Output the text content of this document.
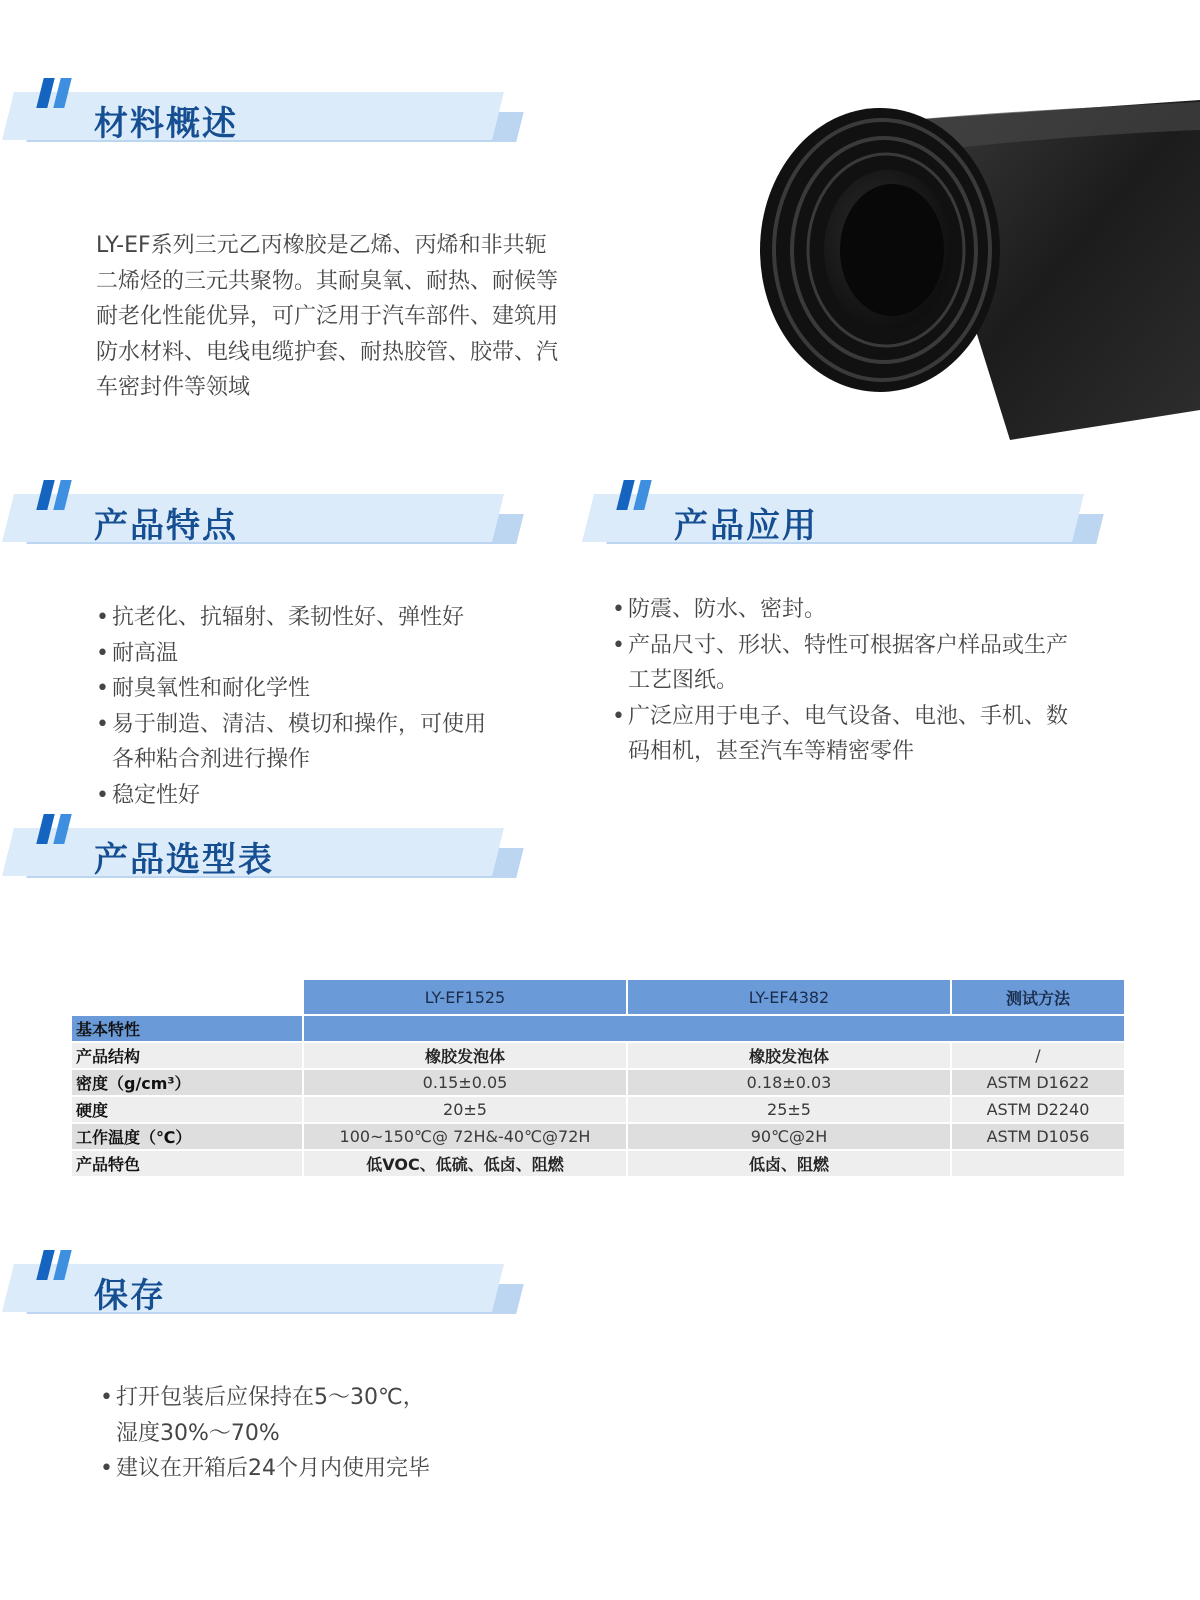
材料概述
LY-EF系列三元乙丙橡胶是乙烯、丙烯和非共轭
二烯烃的三元共聚物。其耐臭氧、耐热、耐候等
耐老化性能优异，可广泛用于汽车部件、建筑用
防水材料、电线电缆护套、耐热胶管、胶带、汽
车密封件等领域
产品特点
• 抗老化、抗辐射、柔韧性好、弹性好
• 耐高温
• 耐臭氧性和耐化学性
• 易于制造、清洁、模切和操作，可使用
各种粘合剂进行操作
• 稳定性好
产品应用
• 防震、防水、密封。
• 产品尺寸、形状、特性可根据客户样品或生产
工艺图纸。
• 广泛应用于电子、电气设备、电池、手机、数
码相机，甚至汽车等精密零件
产品选型表
	LY-EF1525	LY-EF4382	测试方法
基本特性			
产品结构	橡胶发泡体	橡胶发泡体	/
密度（g/cm³）	0.15±0.05	0.18±0.03	ASTM D1622
硬度	20±5	25±5	ASTM D2240
工作温度（℃）	100~150℃@ 72H&-40℃@72H	90℃@2H	ASTM D1056
产品特色	低VOC、低硫、低卤、阻燃	低卤、阻燃	
保存
• 打开包装后应保持在5～30℃，
湿度30%～70%
• 建议在开箱后24个月内使用完毕
